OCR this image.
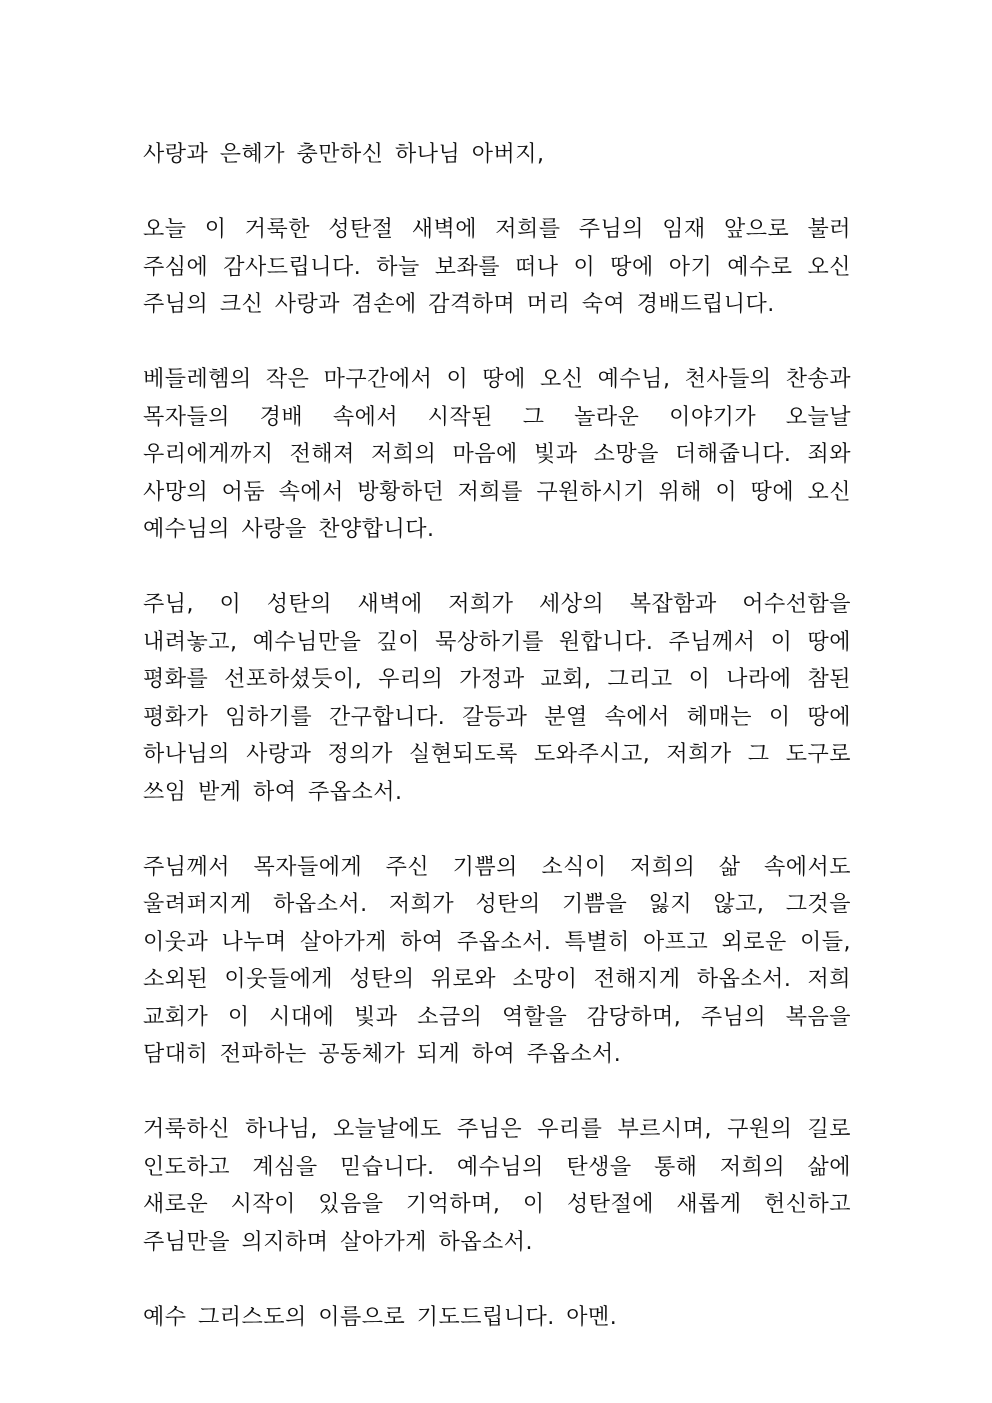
사랑과 은혜가 충만하신 하나님 아버지,

오늘 이 거룩한 성탄절 새벽에 저희를 주님의 임재 앞으로 불러 주심에 감사드립니다. 하늘 보좌를 떠나 이 땅에 아기 예수로 오신 주님의 크신 사랑과 겸손에 감격하며 머리 숙여 경배드립니다.

베들레헴의 작은 마구간에서 이 땅에 오신 예수님, 천사들의 찬송과 목자들의 경배 속에서 시작된 그 놀라운 이야기가 오늘날 우리에게까지 전해져 저희의 마음에 빛과 소망을 더해줍니다. 죄와 사망의 어둠 속에서 방황하던 저희를 구원하시기 위해 이 땅에 오신 예수님의 사랑을 찬양합니다.

주님, 이 성탄의 새벽에 저희가 세상의 복잡함과 어수선함을 내려놓고, 예수님만을 깊이 묵상하기를 원합니다. 주님께서 이 땅에 평화를 선포하셨듯이, 우리의 가정과 교회, 그리고 이 나라에 참된 평화가 임하기를 간구합니다. 갈등과 분열 속에서 헤매는 이 땅에 하나님의 사랑과 정의가 실현되도록 도와주시고, 저희가 그 도구로 쓰임 받게 하여 주옵소서.

주님께서 목자들에게 주신 기쁨의 소식이 저희의 삶 속에서도 울려퍼지게 하옵소서. 저희가 성탄의 기쁨을 잃지 않고, 그것을 이웃과 나누며 살아가게 하여 주옵소서. 특별히 아프고 외로운 이들, 소외된 이웃들에게 성탄의 위로와 소망이 전해지게 하옵소서. 저희 교회가 이 시대에 빛과 소금의 역할을 감당하며, 주님의 복음을 담대히 전파하는 공동체가 되게 하여 주옵소서.

거룩하신 하나님, 오늘날에도 주님은 우리를 부르시며, 구원의 길로 인도하고 계심을 믿습니다. 예수님의 탄생을 통해 저희의 삶에 새로운 시작이 있음을 기억하며, 이 성탄절에 새롭게 헌신하고 주님만을 의지하며 살아가게 하옵소서.

예수 그리스도의 이름으로 기도드립니다. 아멘.
